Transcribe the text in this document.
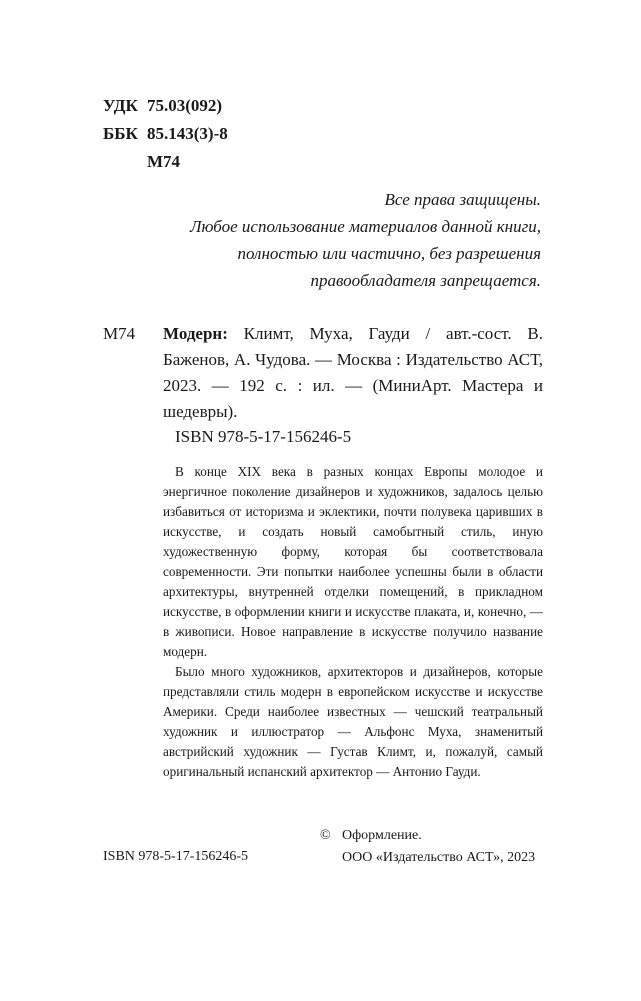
УДК 75.03(092)
ББК 85.143(3)-8
М74
Все права защищены.
Любое использование материалов данной книги,
полностью или частично, без разрешения
правообладателя запрещается.
М74 Модерн: Климт, Муха, Гауди / авт.-сост. В. Баженов, А. Чудова. — Москва : Издательство АСТ, 2023. — 192 с. : ил. — (МиниАрт. Мастера и шедевры).
ISBN 978-5-17-156246-5

В конце XIX века в разных концах Европы молодое и энергичное поколение дизайнеров и художников, задалось целью избавиться от историзма и эклектики, почти полувека царивших в искусстве, и создать новый самобытный стиль, иную художественную форму, которая бы соответствовала современности. Эти попытки наиболее успешны были в области архитектуры, внутренней отделки помещений, в прикладном искусстве, в оформлении книги и искусстве плаката, и, конечно, — в живописи. Новое направление в искусстве получило название модерн.

Было много художников, архитекторов и дизайнеров, которые представляли стиль модерн в европейском искусстве и искусстве Америки. Среди наиболее известных — чешский театральный художник и иллюстратор — Альфонс Муха, знаменитый австрийский художник — Густав Климт, и, пожалуй, самый оригинальный испанский архитектор — Антонио Гауди.

© Оформление.
ООО «Издательство АСТ», 2023
ISBN 978-5-17-156246-5
